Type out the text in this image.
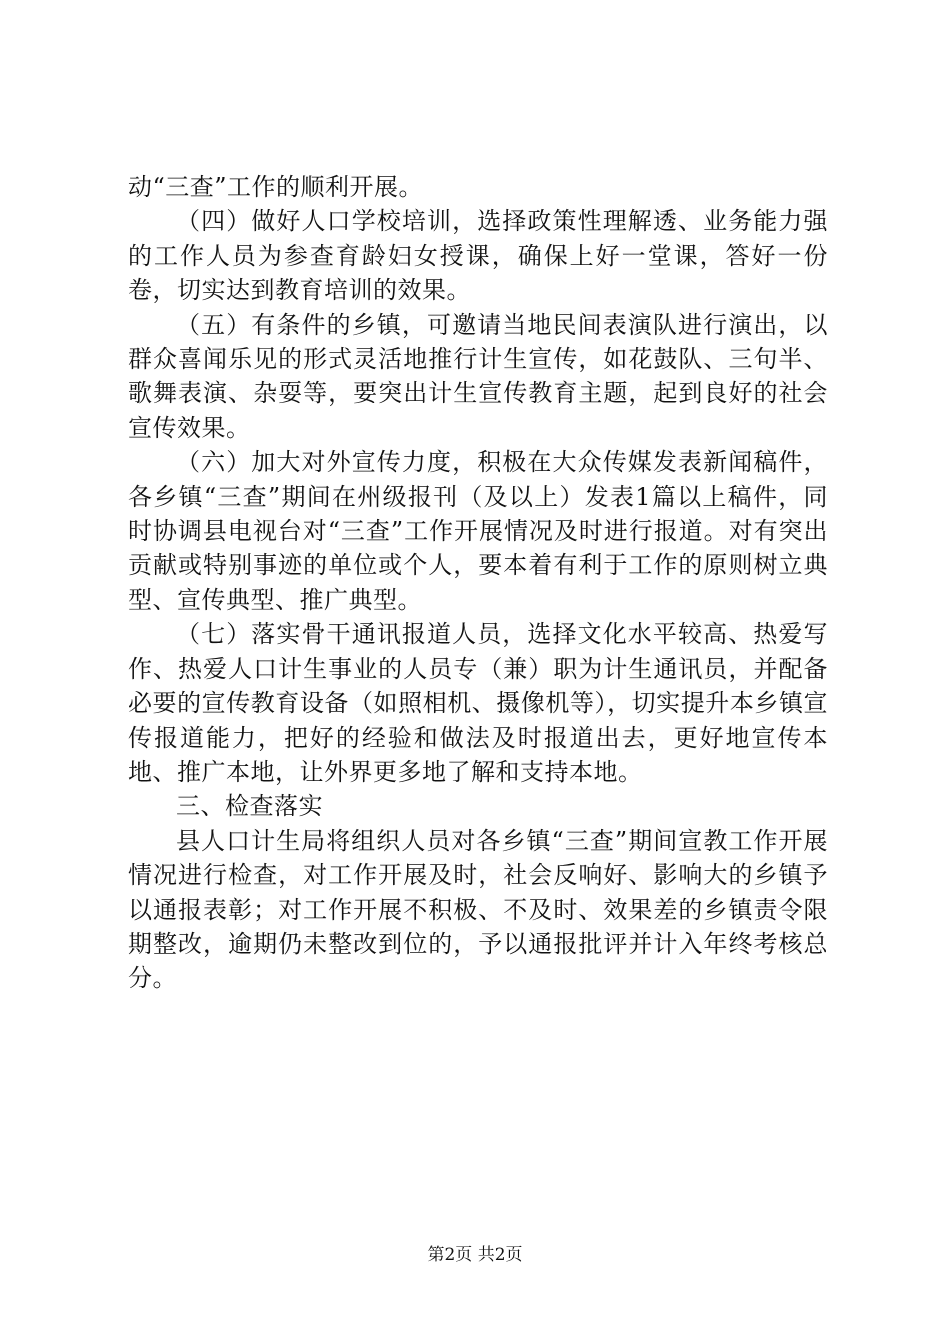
动“三查”工作的顺利开展。

（四）做好人口学校培训，选择政策性理解透、业务能力强的工作人员为参查育龄妇女授课，确保上好一堂课，答好一份卷，切实达到教育培训的效果。

（五）有条件的乡镇，可邀请当地民间表演队进行演出，以群众喜闻乐见的形式灵活地推行计生宣传，如花鼓队、三句半、歌舞表演、杂耍等，要突出计生宣传教育主题，起到良好的社会宣传效果。

（六）加大对外宣传力度，积极在大众传媒发表新闻稿件，各乡镇“三查”期间在州级报刊（及以上）发表1篇以上稿件，同时协调县电视台对“三查”工作开展情况及时进行报道。对有突出贡献或特别事迹的单位或个人，要本着有利于工作的原则树立典型、宣传典型、推广典型。

（七）落实骨干通讯报道人员，选择文化水平较高、热爱写作、热爱人口计生事业的人员专（兼）职为计生通讯员，并配备必要的宣传教育设备（如照相机、摄像机等），切实提升本乡镇宣传报道能力，把好的经验和做法及时报道出去，更好地宣传本地、推广本地，让外界更多地了解和支持本地。

三、检查落实

县人口计生局将组织人员对各乡镇“三查”期间宣教工作开展情况进行检查，对工作开展及时，社会反响好、影响大的乡镇予以通报表彰；对工作开展不积极、不及时、效果差的乡镇责令限期整改，逾期仍未整改到位的，予以通报批评并计入年终考核总分。

第2页 共2页
